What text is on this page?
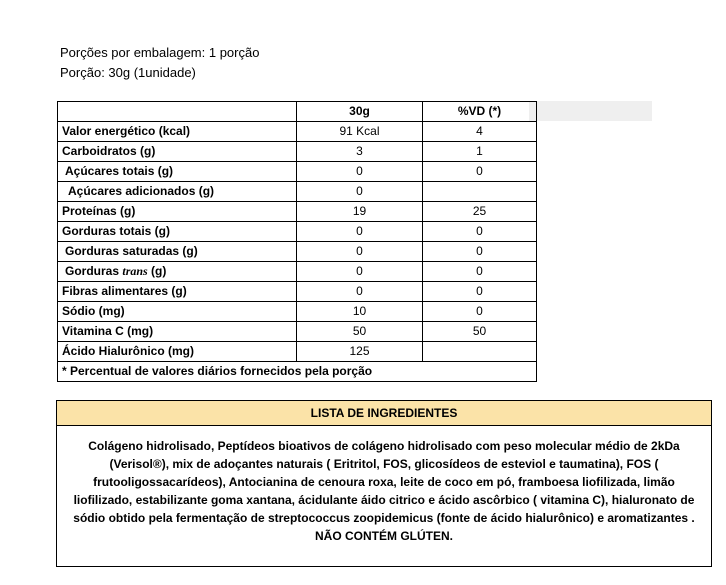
Porções por embalagem: 1 porção
Porção: 30g (1unidade)
	30g	%VD (*)
Valor energético (kcal)	91 Kcal	4
Carboidratos (g)	3	1
Açúcares totais (g)	0	0
Açúcares adicionados (g)	0	
Proteínas (g)	19	25
Gorduras totais (g)	0	0
Gorduras saturadas (g)	0	0
Gorduras trans (g)	0	0
Fibras alimentares (g)	0	0
Sódio (mg)	10	0
Vitamina C (mg)	50	50
Ácido Hialurônico (mg)	125	
* Percentual de valores diários fornecidos pela porção		
LISTA DE INGREDIENTES
Colágeno hidrolisado, Peptídeos bioativos de colágeno hidrolisado com peso molecular médio de 2kDa (Verisol®), mix de adoçantes naturais ( Eritritol, FOS, glicosídeos de esteviol e taumatina), FOS ( frutooligossacarídeos), Antocianina de cenoura roxa, leite de coco em pó, framboesa liofilizada, limão liofilizado, estabilizante goma xantana, ácidulante áido citrico e ácido ascôrbico ( vitamina C), hialuronato de sódio obtido pela fermentação de streptococcus zoopidemicus (fonte de ácido hialurônico) e aromatizantes .
NÃO CONTÉM GLÚTEN.
